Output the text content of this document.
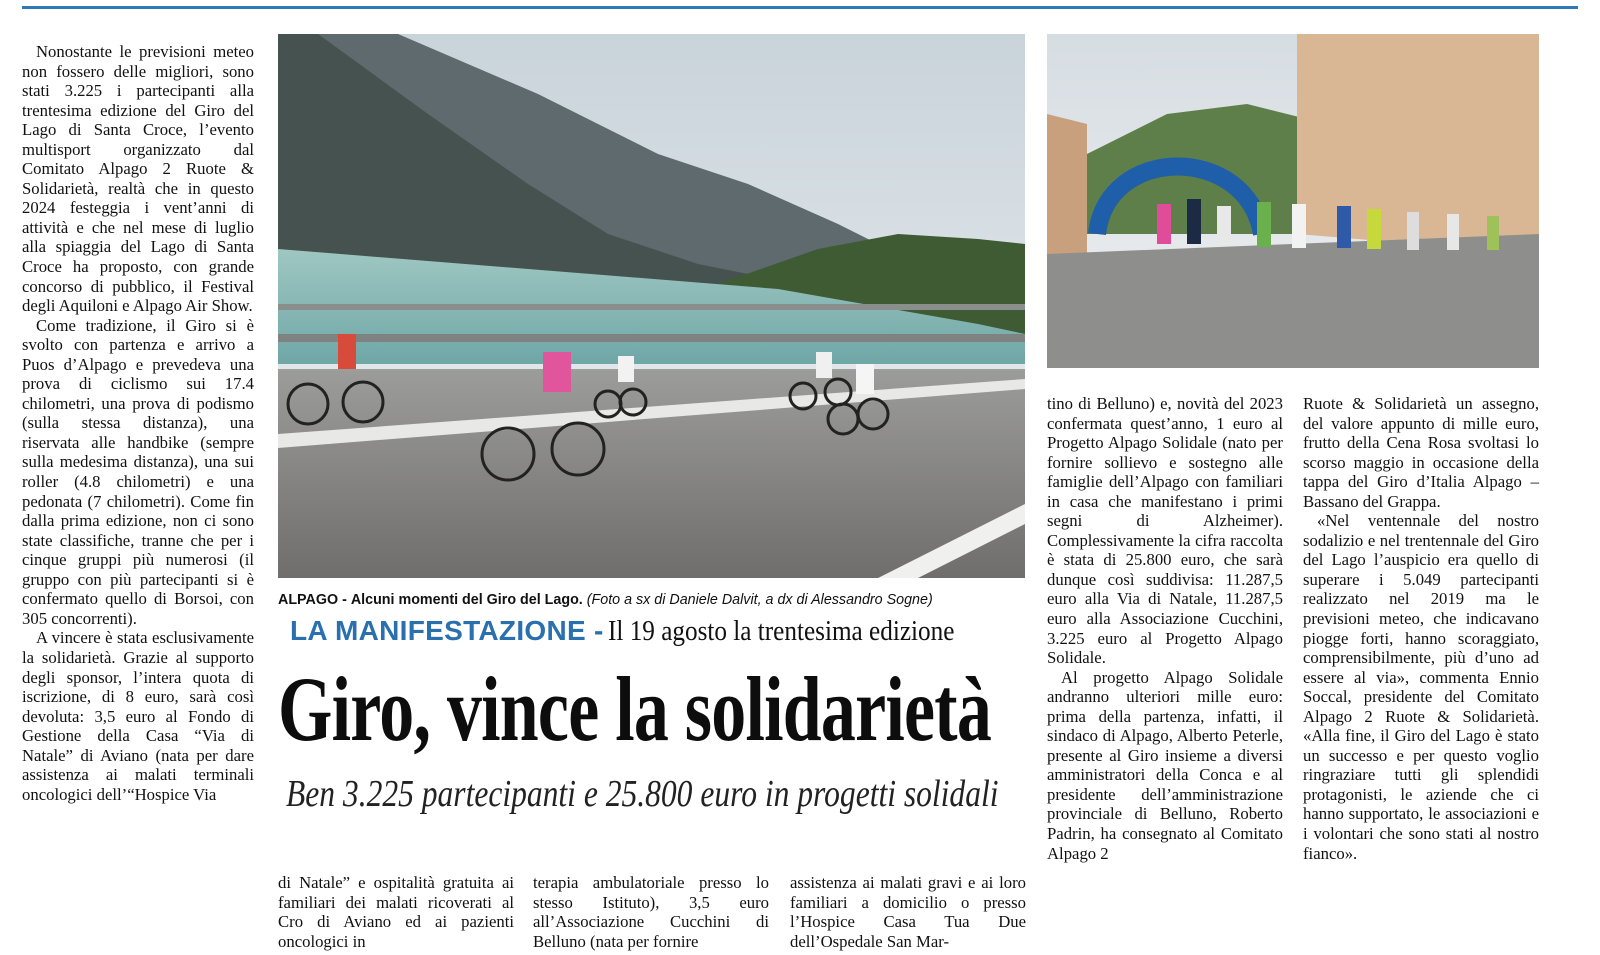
Nonostante le previsioni meteo non fossero delle migliori, sono stati 3.225 i partecipanti alla trentesima edizione del Giro del Lago di Santa Croce, l’evento multisport organizzato dal Comitato Alpago 2 Ruote & Solidarietà, realtà che in questo 2024 festeggia i vent’anni di attività e che nel mese di luglio alla spiaggia del Lago di Santa Croce ha proposto, con grande concorso di pubblico, il Festival degli Aquiloni e Alpago Air Show.

Come tradizione, il Giro si è svolto con partenza e arrivo a Puos d’Alpago e prevedeva una prova di ciclismo sui 17.4 chilometri, una prova di podismo (sulla stessa distanza), una riservata alle handbike (sempre sulla medesima distanza), una sui roller (4.8 chilometri) e una pedonata (7 chilometri). Come fin dalla prima edizione, non ci sono state classifiche, tranne che per i cinque gruppi più numerosi (il gruppo con più partecipanti si è confermato quello di Borsoi, con 305 concorrenti).

A vincere è stata esclusivamente la solidarietà. Grazie al supporto degli sponsor, l’intera quota di iscrizione, di 8 euro, sarà così devoluta: 3,5 euro al Fondo di Gestione della Casa “Via di Natale” di Aviano (nata per dare assistenza ai malati terminali oncologici dell’“Hospice Via

ALPAGO - Alcuni momenti del Giro del Lago. (Foto a sx di Daniele Dalvit, a dx di Alessandro Sogne)
LA MANIFESTAZIONE - Il 19 agosto la trentesima edizione
Giro, vince la solidarietà
Ben 3.225 partecipanti e 25.800 euro in progetti solidali

di Natale” e ospitalità gratuita ai familiari dei malati ricoverati al Cro di Aviano ed ai pazienti oncologici in

terapia ambulatoriale presso lo stesso Istituto), 3,5 euro all’Associazione Cucchini di Belluno (nata per fornire

assistenza ai malati gravi e ai loro familiari a domicilio o presso l’Hospice Casa Tua Due dell’Ospedale San Mar-

tino di Belluno) e, novità del 2023 confermata quest’anno, 1 euro al Progetto Alpago Solidale (nato per fornire sollievo e sostegno alle famiglie dell’Alpago con familiari in casa che manifestano i primi segni di Alzheimer). Complessivamente la cifra raccolta è stata di 25.800 euro, che sarà dunque così suddivisa: 11.287,5 euro alla Via di Natale, 11.287,5 euro alla Associazione Cucchini, 3.225 euro al Progetto Alpago Solidale.

Al progetto Alpago Solidale andranno ulteriori mille euro: prima della partenza, infatti, il sindaco di Alpago, Alberto Peterle, presente al Giro insieme a diversi amministratori della Conca e al presidente dell’amministrazione provinciale di Belluno, Roberto Padrin, ha consegnato al Comitato Alpago 2

Ruote & Solidarietà un assegno, del valore appunto di mille euro, frutto della Cena Rosa svoltasi lo scorso maggio in occasione della tappa del Giro d’Italia Alpago – Bassano del Grappa.

«Nel ventennale del nostro sodalizio e nel trentennale del Giro del Lago l’auspicio era quello di superare i 5.049 partecipanti realizzato nel 2019 ma le previsioni meteo, che indicavano piogge forti, hanno scoraggiato, comprensibilmente, più d’uno ad essere al via», commenta Ennio Soccal, presidente del Comitato Alpago 2 Ruote & Solidarietà. «Alla fine, il Giro del Lago è stato un successo e per questo voglio ringraziare tutti gli splendidi protagonisti, le aziende che ci hanno supportato, le associazioni e i volontari che sono stati al nostro fianco».
